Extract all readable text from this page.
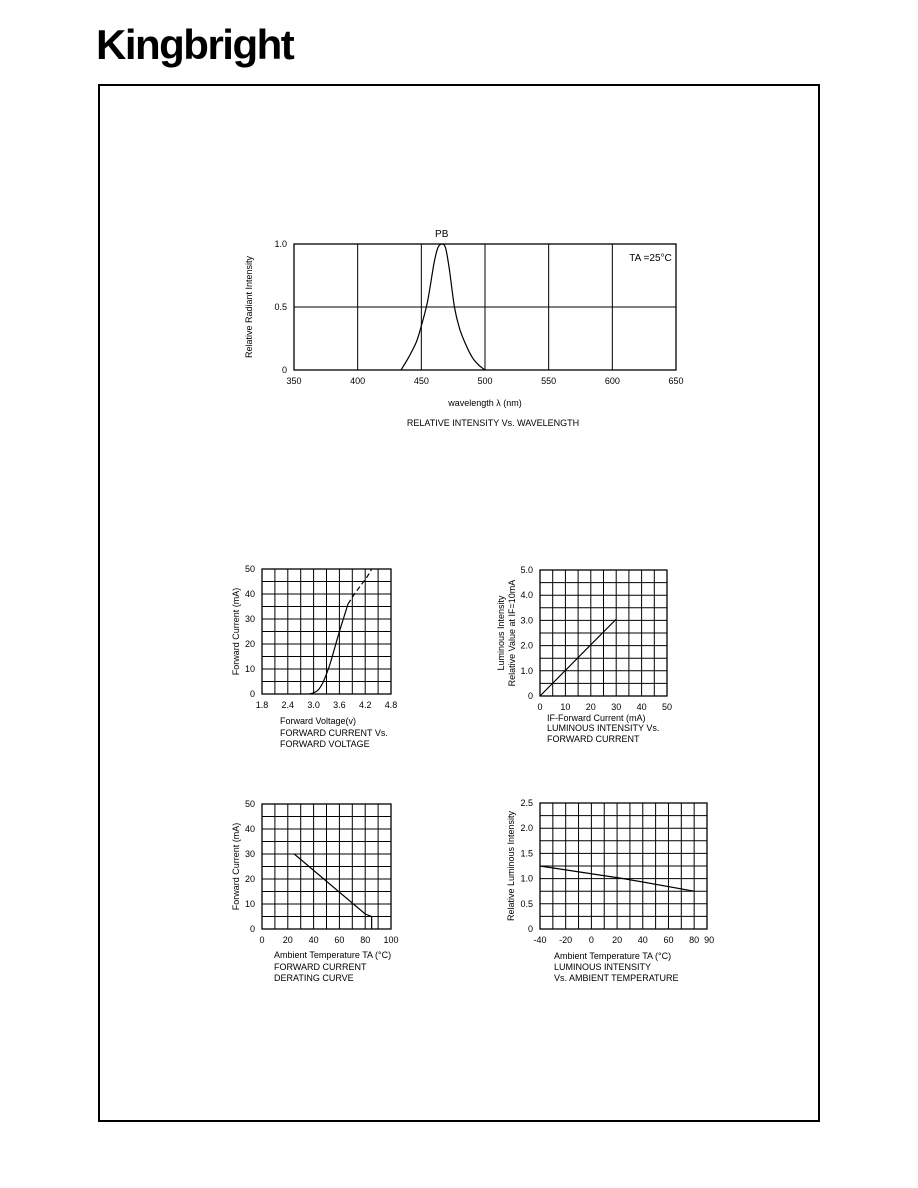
Kingbright
350	400	450	500	550	600	650
0
0.5
1.0
wavelength λ (nm)
Relative Radiant Intensity
RELATIVE INTENSITY Vs. WAVELENGTH
PB
TA =25°C
1.8 2.4 3.0 3.6 4.2 4.8
0
10
20
30
40
50
Forward Voltage(v)
Forward Current (mA)
FORWARD CURRENT Vs.
FORWARD VOLTAGE
0 10 20 30 40 50
0
1.0
2.0
3.0
4.0
5.0
IF-Forward Current (mA)
Luminous Intensity Relative Value at IF=10mA
LUMINOUS INTENSITY Vs.
FORWARD CURRENT
0 20 40 60 80 100
0
10
20
30
40
50
Ambient Temperature TA (°C)
Forward Current (mA)
FORWARD CURRENT
DERATING CURVE
-40 -20 0 20 40 60 80 90
0
0.5
1.0
1.5
2.0
2.5
Ambient Temperature TA (°C)
Relative Luminous Intensity
LUMINOUS INTENSITY
Vs. AMBIENT TEMPERATURE
